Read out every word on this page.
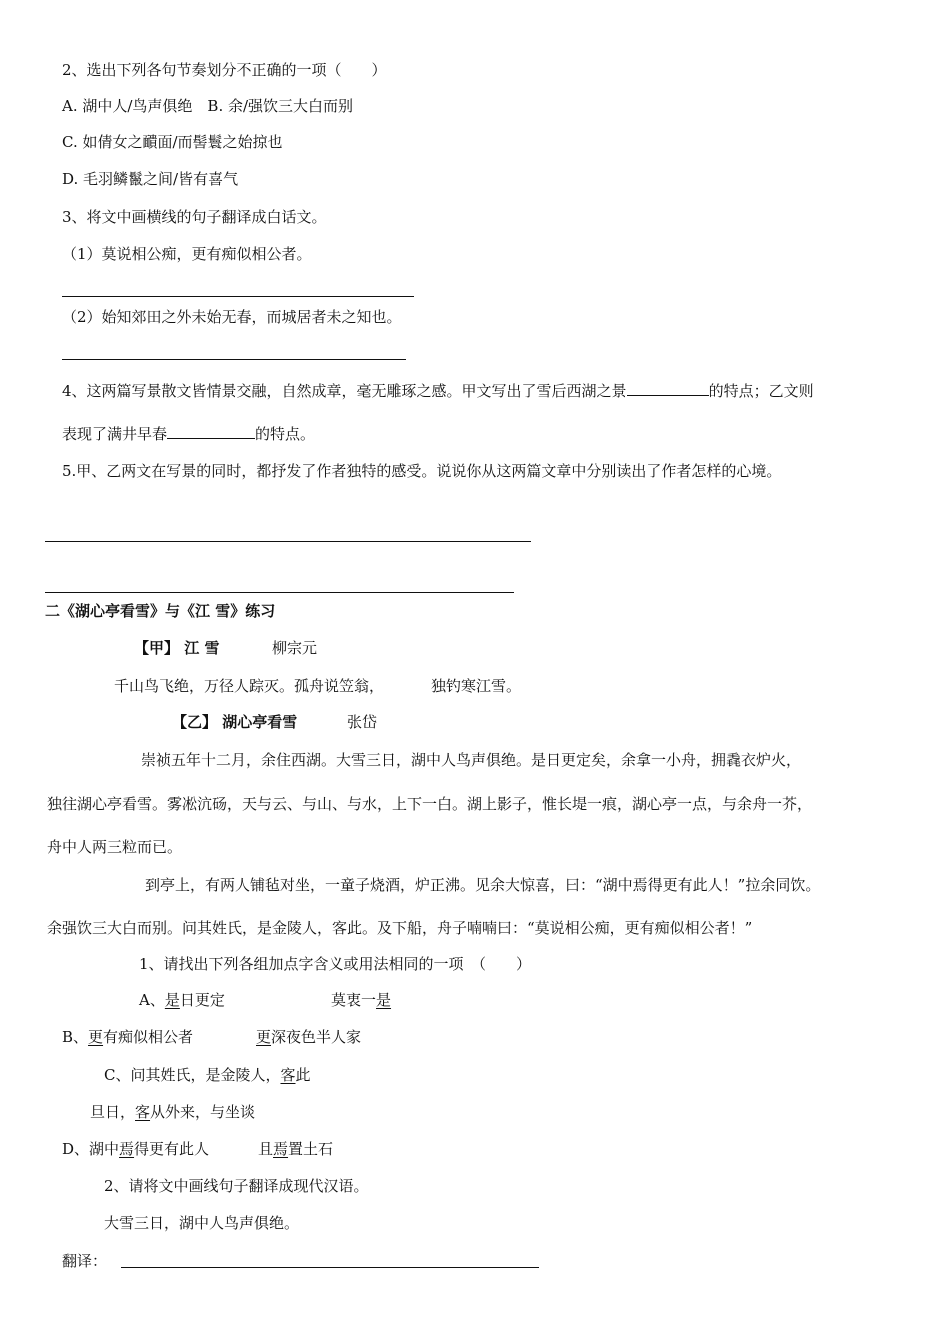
2、选出下列各句节奏划分不正确的一项（　　）
A. 湖中人/鸟声俱绝　B. 余/强饮三大白而别
C. 如倩女之靧面/而髻鬟之始掠也
D. 毛羽鳞鬣之间/皆有喜气
3、将文中画横线的句子翻译成白话文。
（1）莫说相公痴，更有痴似相公者。
（2）始知郊田之外未始无春，而城居者未之知也。
4、这两篇写景散文皆情景交融，自然成章，毫无雕琢之感。甲文写出了雪后西湖之景	的特点；乙文则
表现了满井早春	的特点。
5.甲、乙两文在写景的同时，都抒发了作者独特的感受。说说你从这两篇文章中分别读出了作者怎样的心境。
二《湖心亭看雪》与《江 雪》练习
【甲】 江 雪	柳宗元
千山鸟飞绝，万径人踪灭。孤舟说笠翁，	独钓寒江雪。
【乙】 湖心亭看雪	张岱
崇祯五年十二月，余住西湖。大雪三日，湖中人鸟声俱绝。是日更定矣，余拿一小舟，拥毳衣炉火，
独往湖心亭看雪。雾凇沆砀，天与云、与山、与水，上下一白。湖上影子，惟长堤一痕，湖心亭一点，与余舟一芥，
舟中人两三粒而已。
到亭上，有两人铺毡对坐，一童子烧酒，炉正沸。见余大惊喜，曰：“湖中焉得更有此人！”拉余同饮。
余强饮三大白而别。问其姓氏，是金陵人，客此。及下船，舟子喃喃曰：“莫说相公痴，更有痴似相公者！”
1、请找出下列各组加点字含义或用法相同的一项　（　　）
A、是日更定	莫衷一是
B、更有痴似相公者	更深夜色半人家
C、问其姓氏，是金陵人，客此
旦日，客从外来，与坐谈
D、湖中焉得更有此人	且焉置土石
2、请将文中画线句子翻译成现代汉语。
大雪三日，湖中人鸟声俱绝。
翻译：
